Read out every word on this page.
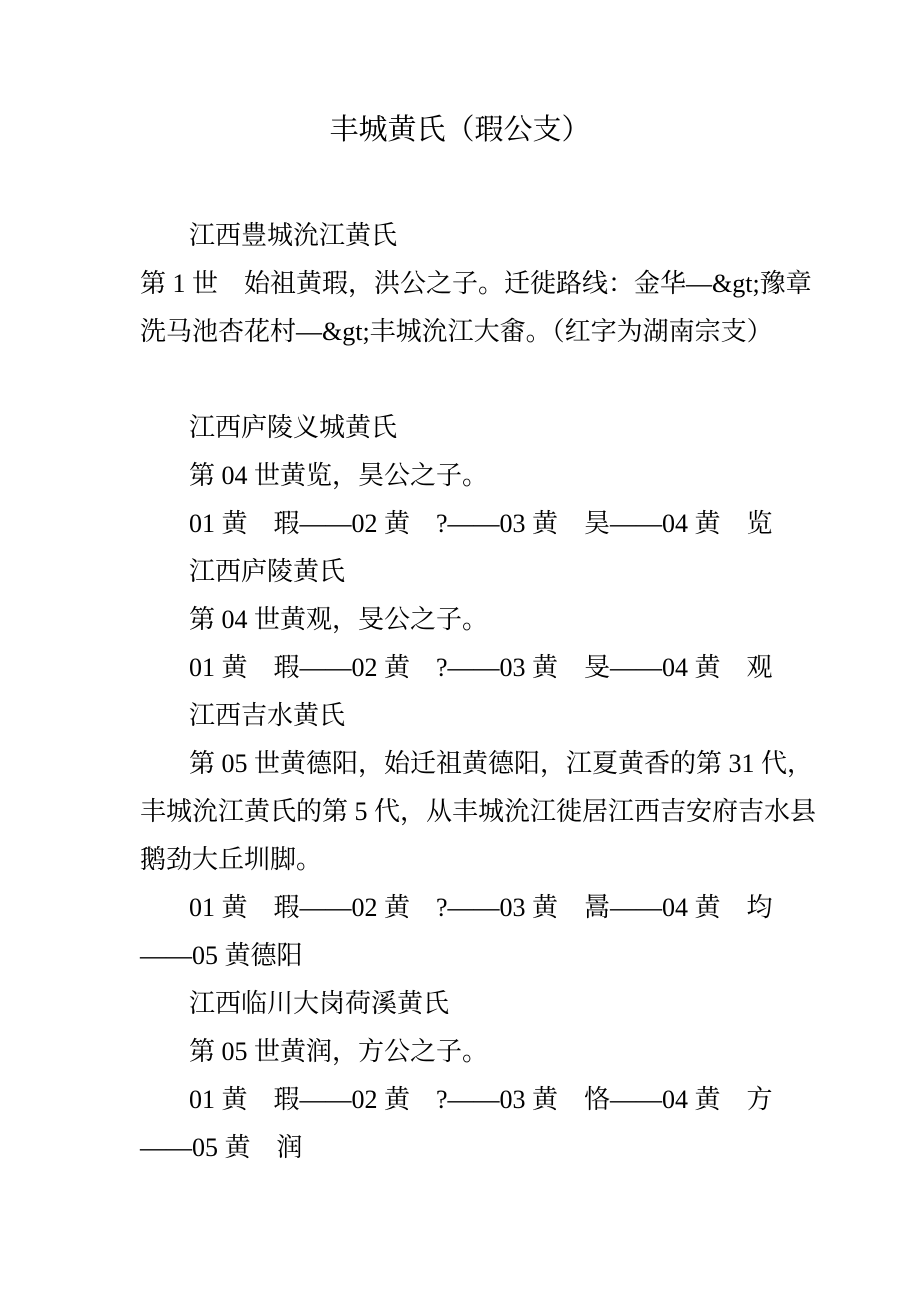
丰城黄氏（瑕公支）
江西豊城沇江黄氏
第 1 世　始祖黄瑕，洪公之子。迁徙路线：金华—&gt;豫章
洗马池杏花村—&gt;丰城沇江大畬。（红字为湖南宗支）
江西庐陵义城黄氏
第 04 世黄览，昊公之子。
01 黄　瑕——02 黄　?——03 黄　昊——04 黄　览
江西庐陵黄氏
第 04 世黄观，旻公之子。
01 黄　瑕——02 黄　?——03 黄　旻——04 黄　观
江西吉水黄氏
第 05 世黄德阳，始迁祖黄德阳，江夏黄香的第 31 代，
丰城沇江黄氏的第 5 代，从丰城沇江徙居江西吉安府吉水县
鹅劲大丘圳脚。
01 黄　瑕——02 黄　?——03 黄　暠——04 黄　均
——05 黄德阳
江西临川大岗荷溪黄氏
第 05 世黄润，方公之子。
01 黄　瑕——02 黄　?——03 黄　恪——04 黄　方
——05 黄　润
